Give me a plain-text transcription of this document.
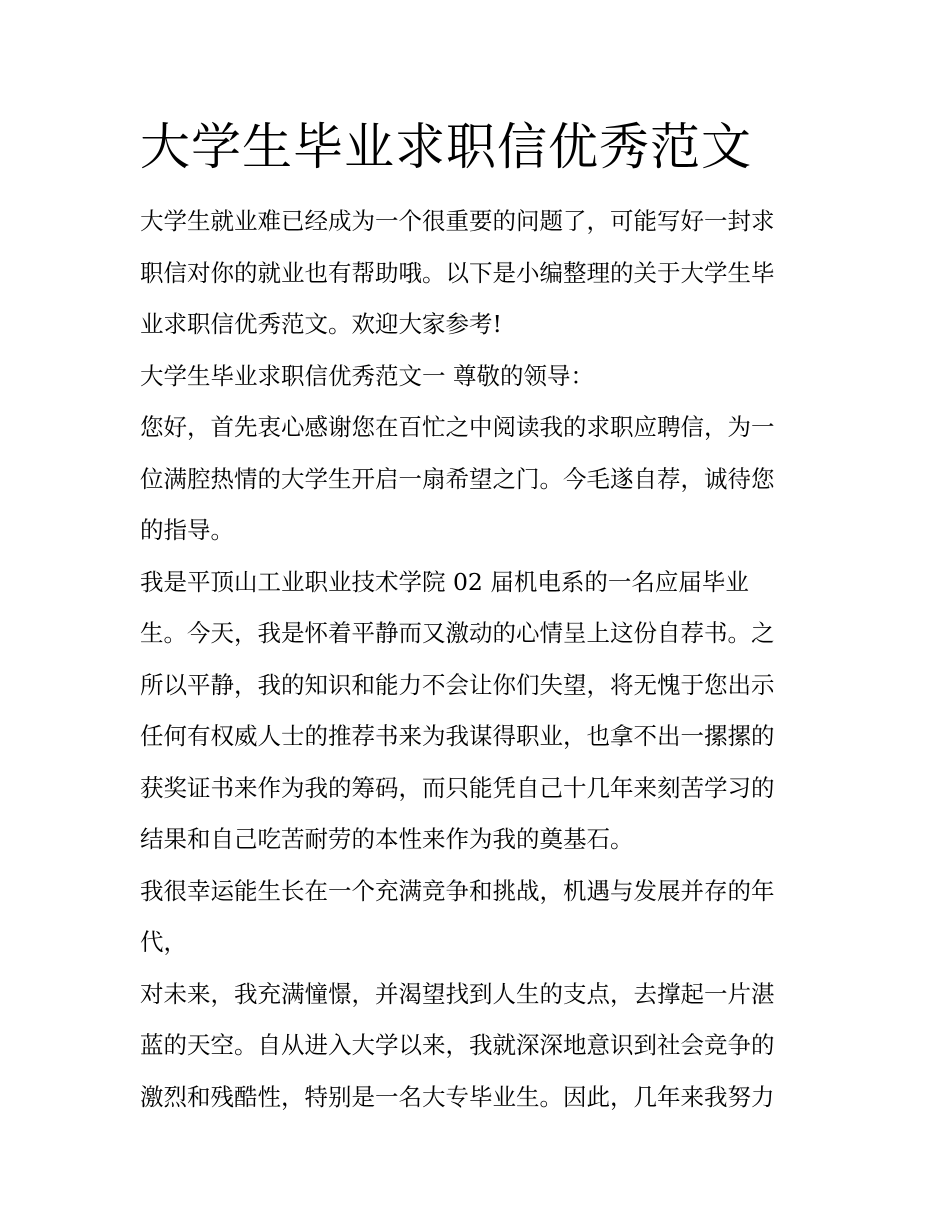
大学生毕业求职信优秀范文

大学生就业难已经成为一个很重要的问题了，可能写好一封求

职信对你的就业也有帮助哦。以下是小编整理的关于大学生毕

业求职信优秀范文。欢迎大家参考!

大学生毕业求职信优秀范文一 尊敬的领导：

您好，首先衷心感谢您在百忙之中阅读我的求职应聘信，为一

位满腔热情的大学生开启一扇希望之门。今毛遂自荐，诚待您

的指导。

我是平顶山工业职业技术学院 02 届机电系的一名应届毕业

生。今天，我是怀着平静而又激动的心情呈上这份自荐书。之

所以平静，我的知识和能力不会让你们失望，将无愧于您出示

任何有权威人士的推荐书来为我谋得职业，也拿不出一摞摞的

获奖证书来作为我的筹码，而只能凭自己十几年来刻苦学习的

结果和自己吃苦耐劳的本性来作为我的奠基石。

我很幸运能生长在一个充满竞争和挑战，机遇与发展并存的年

代，

对未来，我充满憧憬，并渴望找到人生的支点，去撑起一片湛

蓝的天空。自从进入大学以来，我就深深地意识到社会竞争的

激烈和残酷性，特别是一名大专毕业生。因此，几年来我努力
